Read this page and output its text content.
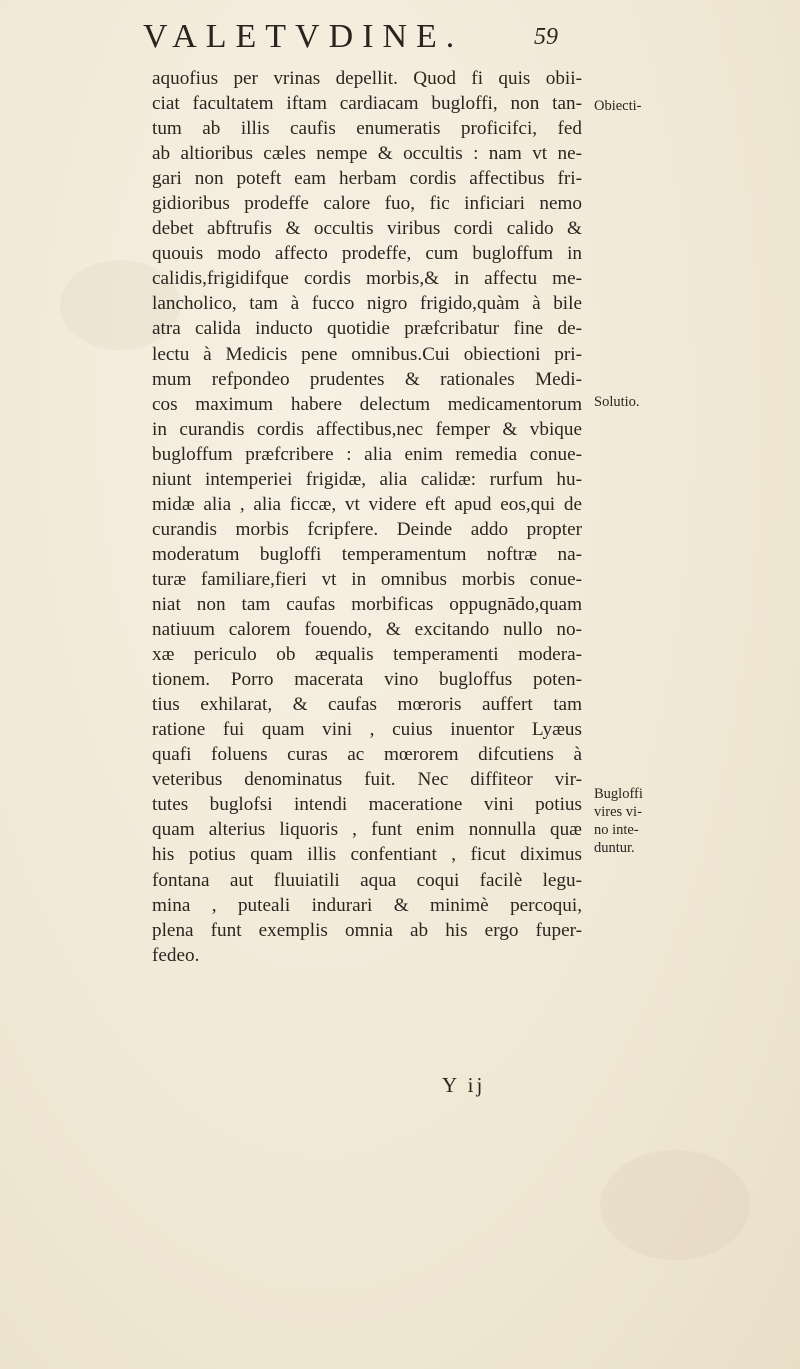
VALETVDINE.	59
aquofius per vrinas depellit. Quod fi quis obii-
ciat facultatem iftam cardiacam bugloffi, non tan-
tum ab illis caufis enumeratis proficifci, fed
ab altioribus cæles nempe & occultis : nam vt ne-
gari non poteft eam herbam cordis affectibus fri-
gidioribus prodeffe calore fuo, fic inficiari nemo
debet abftrufis & occultis viribus cordi calido &
quouis modo affecto prodeffe, cum bugloffum in
calidis,frigidifque cordis morbis,& in affectu me-
lancholico, tam à fucco nigro frigido,quàm à bile
atra calida inducto quotidie præfcribatur fine de-
lectu à Medicis pene omnibus.Cui obiectioni pri-
mum refpondeo prudentes & rationales Medi-
cos maximum habere delectum medicamentorum
in curandis cordis affectibus,nec femper & vbique
bugloffum præfcribere : alia enim remedia conue-
niunt intemperiei frigidæ, alia calidæ: rurfum hu-
midæ alia , alia ficcæ, vt videre eft apud eos,qui de
curandis morbis fcripfere. Deinde addo propter
moderatum bugloffi temperamentum noftræ na-
turæ familiare,fieri vt in omnibus morbis conue-
niat non tam caufas morbificas oppugnādo,quam
natiuum calorem fouendo, & excitando nullo no-
xæ periculo ob æqualis temperamenti modera-
tionem. Porro macerata vino bugloffus poten-
tius exhilarat, & caufas mœroris auffert tam
ratione fui quam vini , cuius inuentor Lyæus
quafi foluens curas ac mœrorem difcutiens à
veteribus denominatus fuit. Nec diffiteor vir-
tutes buglofsi intendi maceratione vini potius
quam alterius liquoris , funt enim nonnulla quæ
his potius quam illis confentiant , ficut diximus
fontana aut fluuiatili aqua coqui facilè legu-
mina , puteali indurari & minimè percoqui,
plena funt exemplis omnia ab his ergo fuper-
fedeo.
Obiecti-
Solutio.
Bugloffi
vires vi-
no inte-
duntur.
Y ij
